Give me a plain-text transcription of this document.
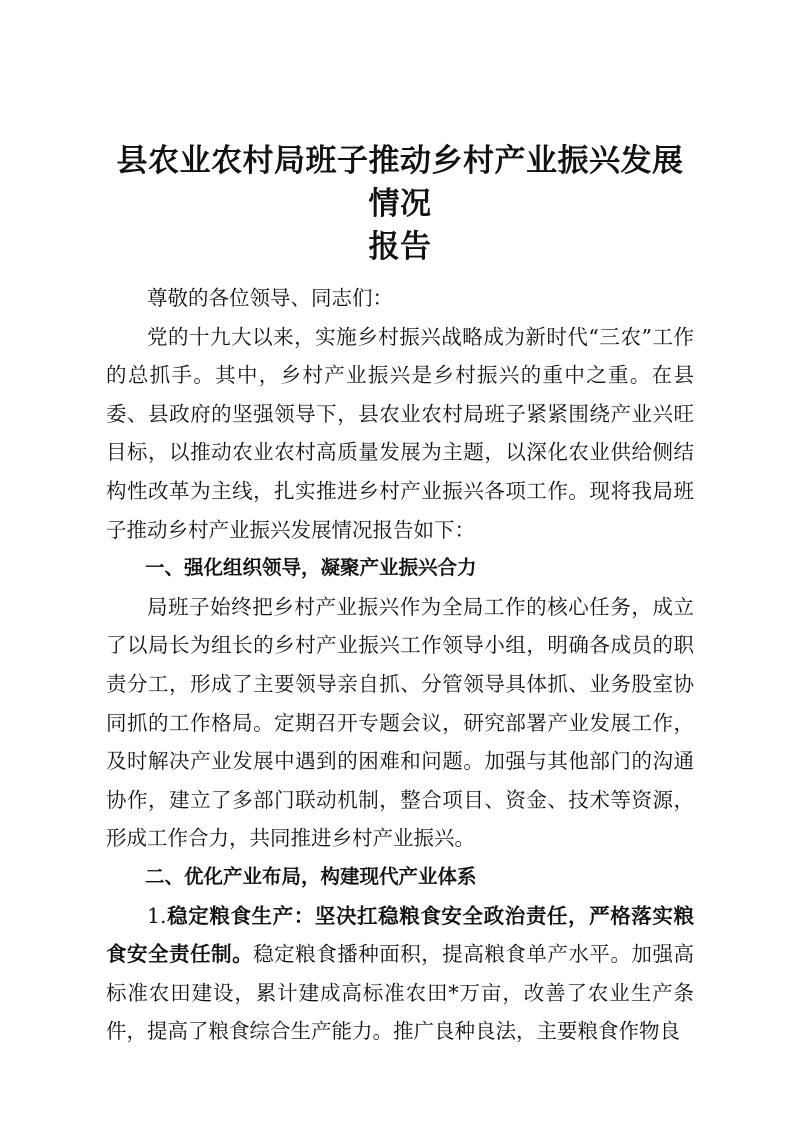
县农业农村局班子推动乡村产业振兴发展情况
报告

尊敬的各位领导、同志们：

党的十九大以来，实施乡村振兴战略成为新时代“三农”工作的总抓手。其中，乡村产业振兴是乡村振兴的重中之重。在县委、县政府的坚强领导下，县农业农村局班子紧紧围绕产业兴旺目标，以推动农业农村高质量发展为主题，以深化农业供给侧结构性改革为主线，扎实推进乡村产业振兴各项工作。现将我局班子推动乡村产业振兴发展情况报告如下：

一、强化组织领导，凝聚产业振兴合力

局班子始终把乡村产业振兴作为全局工作的核心任务，成立了以局长为组长的乡村产业振兴工作领导小组，明确各成员的职责分工，形成了主要领导亲自抓、分管领导具体抓、业务股室协同抓的工作格局。定期召开专题会议，研究部署产业发展工作，及时解决产业发展中遇到的困难和问题。加强与其他部门的沟通协作，建立了多部门联动机制，整合项目、资金、技术等资源，形成工作合力，共同推进乡村产业振兴。

二、优化产业布局，构建现代产业体系

1.稳定粮食生产：坚决扛稳粮食安全政治责任，严格落实粮食安全责任制。稳定粮食播种面积，提高粮食单产水平。加强高标准农田建设，累计建成高标准农田*万亩，改善了农业生产条件，提高了粮食综合生产能力。推广良种良法，主要粮食作物良
